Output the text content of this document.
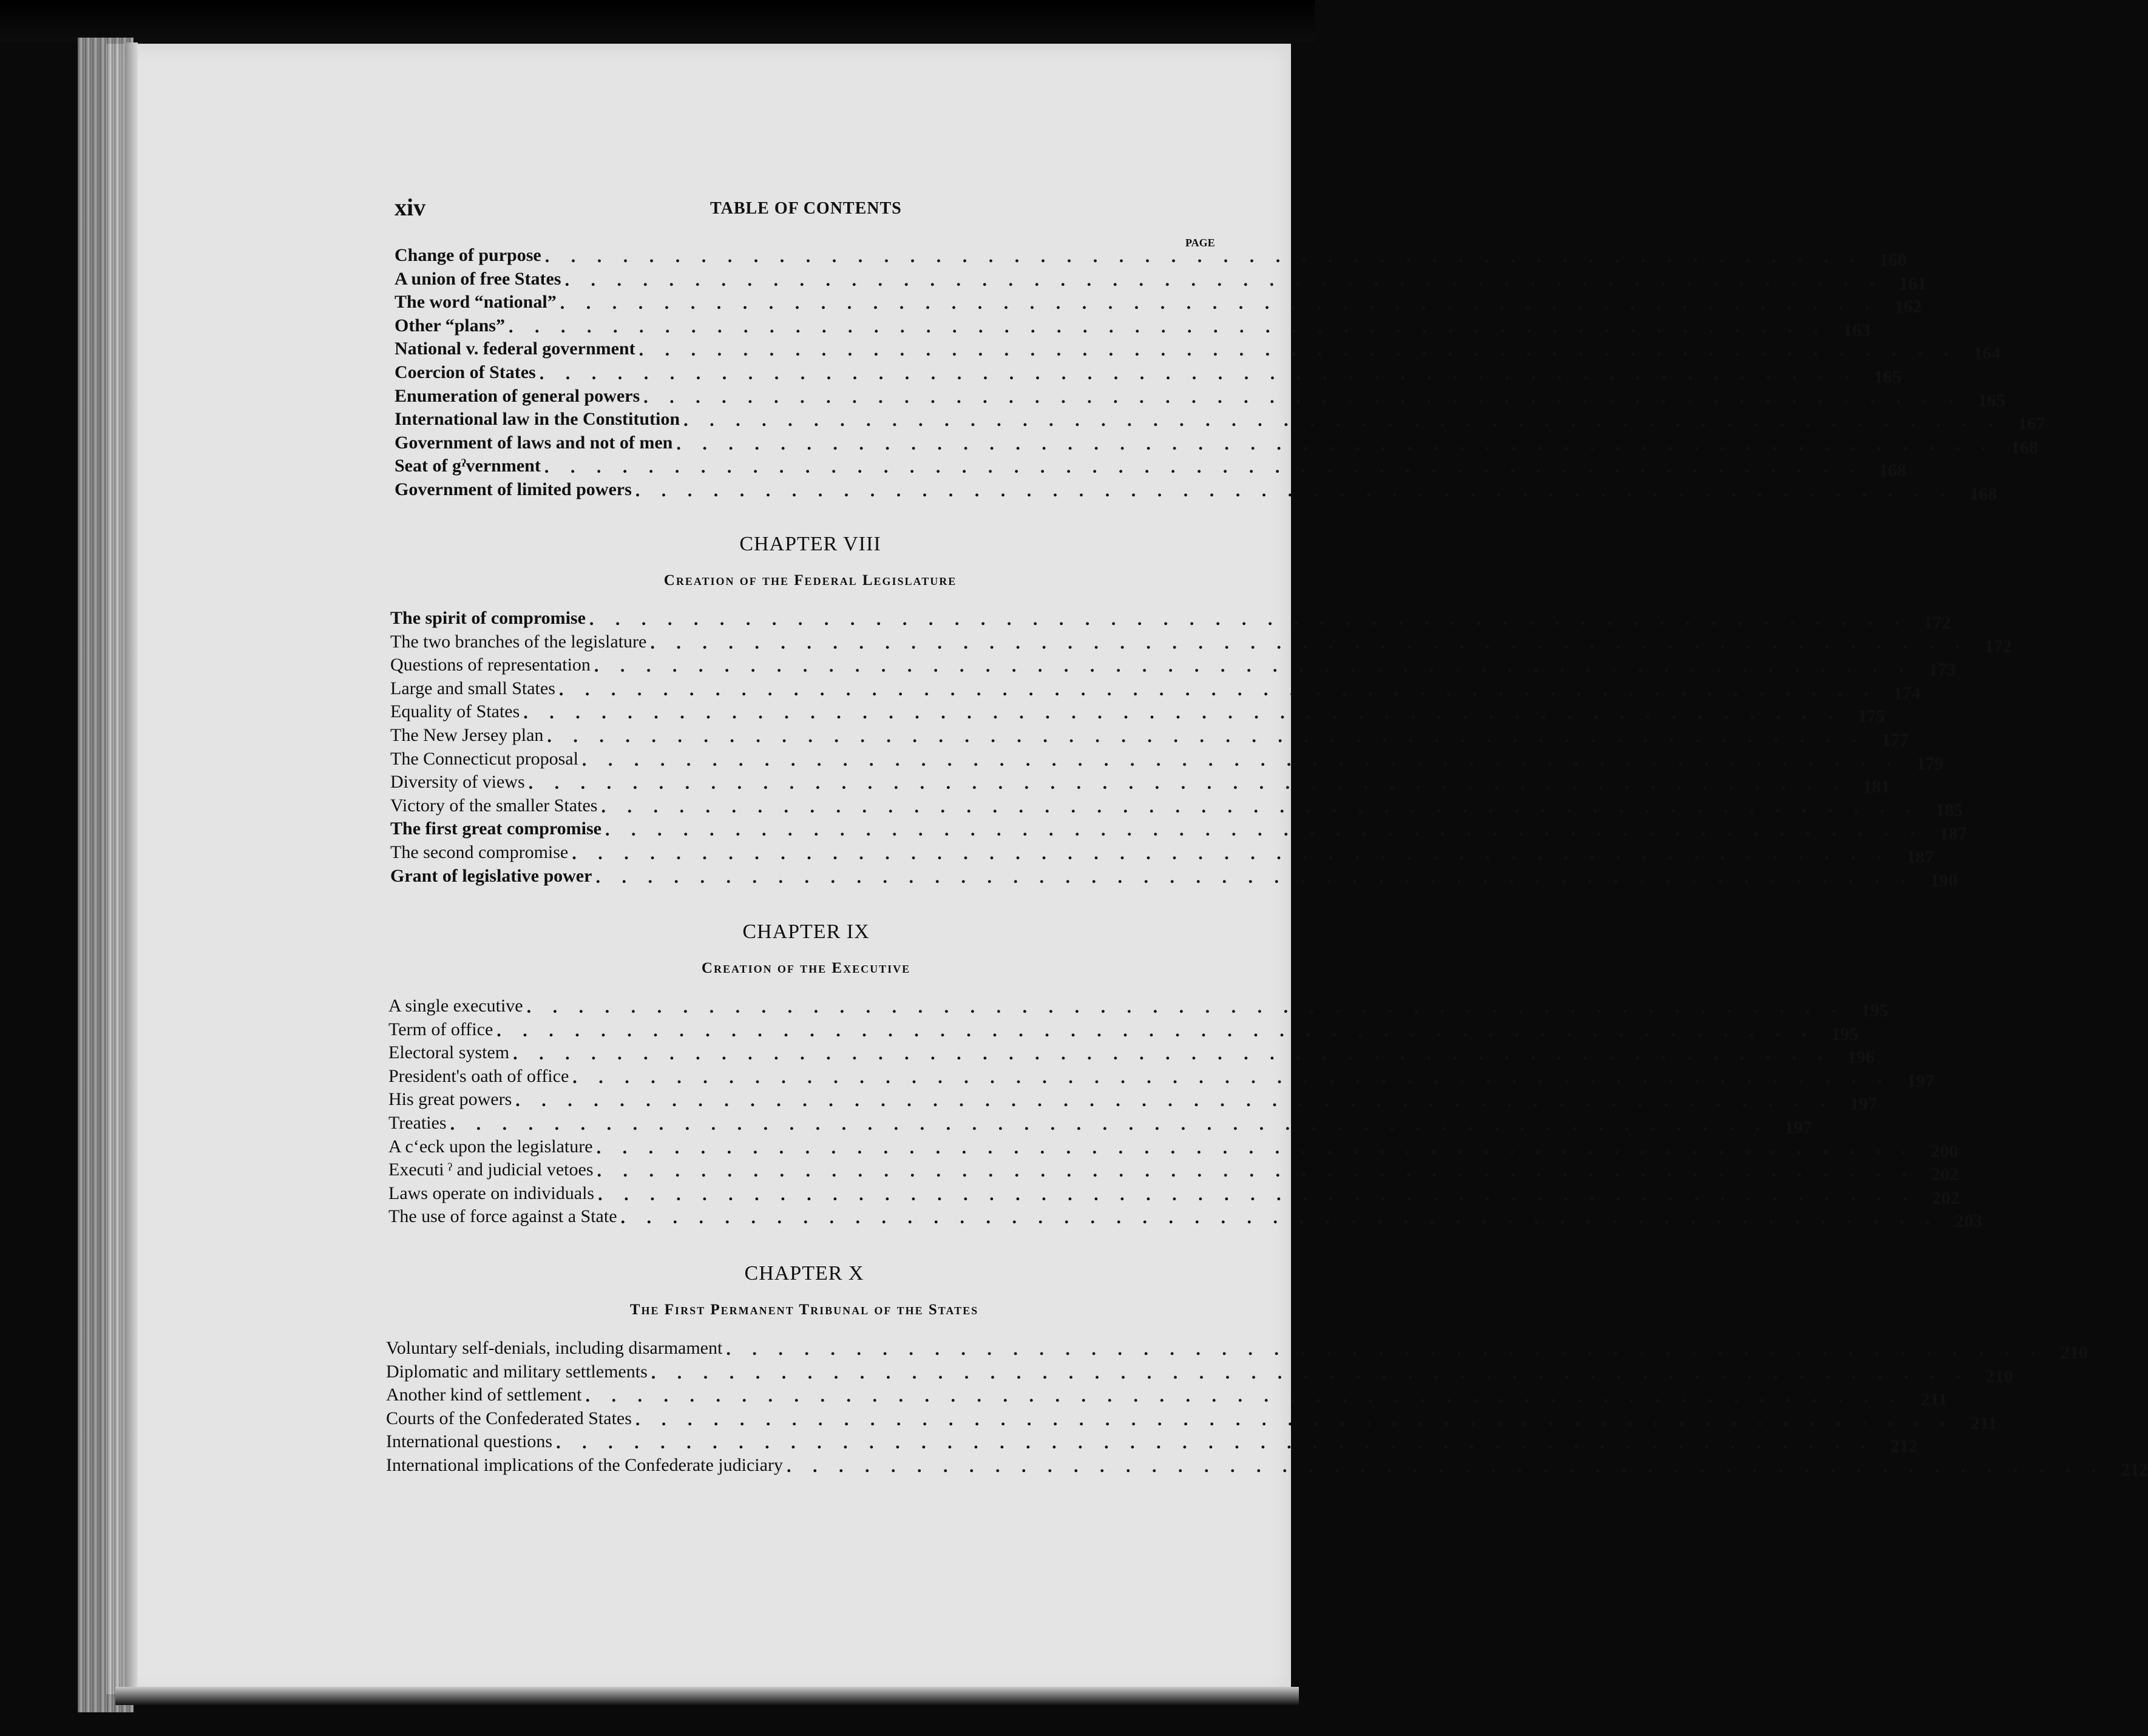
xiv	TABLE OF CONTENTS
PAGE
Change of purpose . . . . . . . . . . . . . . . . . . . . . . . . . . . . . . . . . . . . . . . . . . . . . . . . . . . 160
A union of free States . . . . . . . . . . . . . . . . . . . . . . . . . . . . . . . . . . . . . . . . . . . . . . . . . . . 161
The word “national” . . . . . . . . . . . . . . . . . . . . . . . . . . . . . . . . . . . . . . . . . . . . . . . . . . . 162
Other “plans” . . . . . . . . . . . . . . . . . . . . . . . . . . . . . . . . . . . . . . . . . . . . . . . . . . . 163
National v. federal government . . . . . . . . . . . . . . . . . . . . . . . . . . . . . . . . . . . . . . . . . . . . . . . . . . . 164
Coercion of States . . . . . . . . . . . . . . . . . . . . . . . . . . . . . . . . . . . . . . . . . . . . . . . . . . . 165
Enumeration of general powers . . . . . . . . . . . . . . . . . . . . . . . . . . . . . . . . . . . . . . . . . . . . . . . . . . . 165
International law in the Constitution . . . . . . . . . . . . . . . . . . . . . . . . . . . . . . . . . . . . . . . . . . . . . . . . . . . 167
Government of laws and not of men . . . . . . . . . . . . . . . . . . . . . . . . . . . . . . . . . . . . . . . . . . . . . . . . . . . 168
Seat of gˀvernment . . . . . . . . . . . . . . . . . . . . . . . . . . . . . . . . . . . . . . . . . . . . . . . . . . . 168
Government of limited powers . . . . . . . . . . . . . . . . . . . . . . . . . . . . . . . . . . . . . . . . . . . . . . . . . . . 168
CHAPTER VIII
Creation of the Federal Legislature
The spirit of compromise . . . . . . . . . . . . . . . . . . . . . . . . . . . . . . . . . . . . . . . . . . . . . . . . . . . 172
The two branches of the legislature . . . . . . . . . . . . . . . . . . . . . . . . . . . . . . . . . . . . . . . . . . . . . . . . . . . 172
Questions of representation . . . . . . . . . . . . . . . . . . . . . . . . . . . . . . . . . . . . . . . . . . . . . . . . . . . 173
Large and small States . . . . . . . . . . . . . . . . . . . . . . . . . . . . . . . . . . . . . . . . . . . . . . . . . . . 174
Equality of States . . . . . . . . . . . . . . . . . . . . . . . . . . . . . . . . . . . . . . . . . . . . . . . . . . . 175
The New Jersey plan . . . . . . . . . . . . . . . . . . . . . . . . . . . . . . . . . . . . . . . . . . . . . . . . . . . 177
The Connecticut proposal . . . . . . . . . . . . . . . . . . . . . . . . . . . . . . . . . . . . . . . . . . . . . . . . . . . 179
Diversity of views . . . . . . . . . . . . . . . . . . . . . . . . . . . . . . . . . . . . . . . . . . . . . . . . . . . 181
Victory of the smaller States . . . . . . . . . . . . . . . . . . . . . . . . . . . . . . . . . . . . . . . . . . . . . . . . . . . 185
The first great compromise . . . . . . . . . . . . . . . . . . . . . . . . . . . . . . . . . . . . . . . . . . . . . . . . . . . 187
The second compromise . . . . . . . . . . . . . . . . . . . . . . . . . . . . . . . . . . . . . . . . . . . . . . . . . . . 187
Grant of legislative power . . . . . . . . . . . . . . . . . . . . . . . . . . . . . . . . . . . . . . . . . . . . . . . . . . . 190
CHAPTER IX
Creation of the Executive
A single executive . . . . . . . . . . . . . . . . . . . . . . . . . . . . . . . . . . . . . . . . . . . . . . . . . . . 195
Term of office . . . . . . . . . . . . . . . . . . . . . . . . . . . . . . . . . . . . . . . . . . . . . . . . . . . 195
Electoral system . . . . . . . . . . . . . . . . . . . . . . . . . . . . . . . . . . . . . . . . . . . . . . . . . . . 196
President's oath of office . . . . . . . . . . . . . . . . . . . . . . . . . . . . . . . . . . . . . . . . . . . . . . . . . . . 197
His great powers . . . . . . . . . . . . . . . . . . . . . . . . . . . . . . . . . . . . . . . . . . . . . . . . . . . 197
Treaties . . . . . . . . . . . . . . . . . . . . . . . . . . . . . . . . . . . . . . . . . . . . . . . . . . . 197
A cʻeck upon the legislature . . . . . . . . . . . . . . . . . . . . . . . . . . . . . . . . . . . . . . . . . . . . . . . . . . . 200
Executi ˀ and judicial vetoes . . . . . . . . . . . . . . . . . . . . . . . . . . . . . . . . . . . . . . . . . . . . . . . . . . . 202
Laws operate on individuals . . . . . . . . . . . . . . . . . . . . . . . . . . . . . . . . . . . . . . . . . . . . . . . . . . . 202
The use of force against a State . . . . . . . . . . . . . . . . . . . . . . . . . . . . . . . . . . . . . . . . . . . . . . . . . . . 203
CHAPTER X
The First Permanent Tribunal of the States
Voluntary self-denials, including disarmament . . . . . . . . . . . . . . . . . . . . . . . . . . . . . . . . . . . . . . . . . . . . . . . . . . . 210
Diplomatic and military settlements . . . . . . . . . . . . . . . . . . . . . . . . . . . . . . . . . . . . . . . . . . . . . . . . . . . 210
Another kind of settlement . . . . . . . . . . . . . . . . . . . . . . . . . . . . . . . . . . . . . . . . . . . . . . . . . . . 211
Courts of the Confederated States . . . . . . . . . . . . . . . . . . . . . . . . . . . . . . . . . . . . . . . . . . . . . . . . . . . 211
International questions . . . . . . . . . . . . . . . . . . . . . . . . . . . . . . . . . . . . . . . . . . . . . . . . . . . 212
International implications of the Confederate judiciary . . . . . . . . . . . . . . . . . . . . . . . . . . . . . . . . . . . . . . . . . . . . . . . . . . . 212
